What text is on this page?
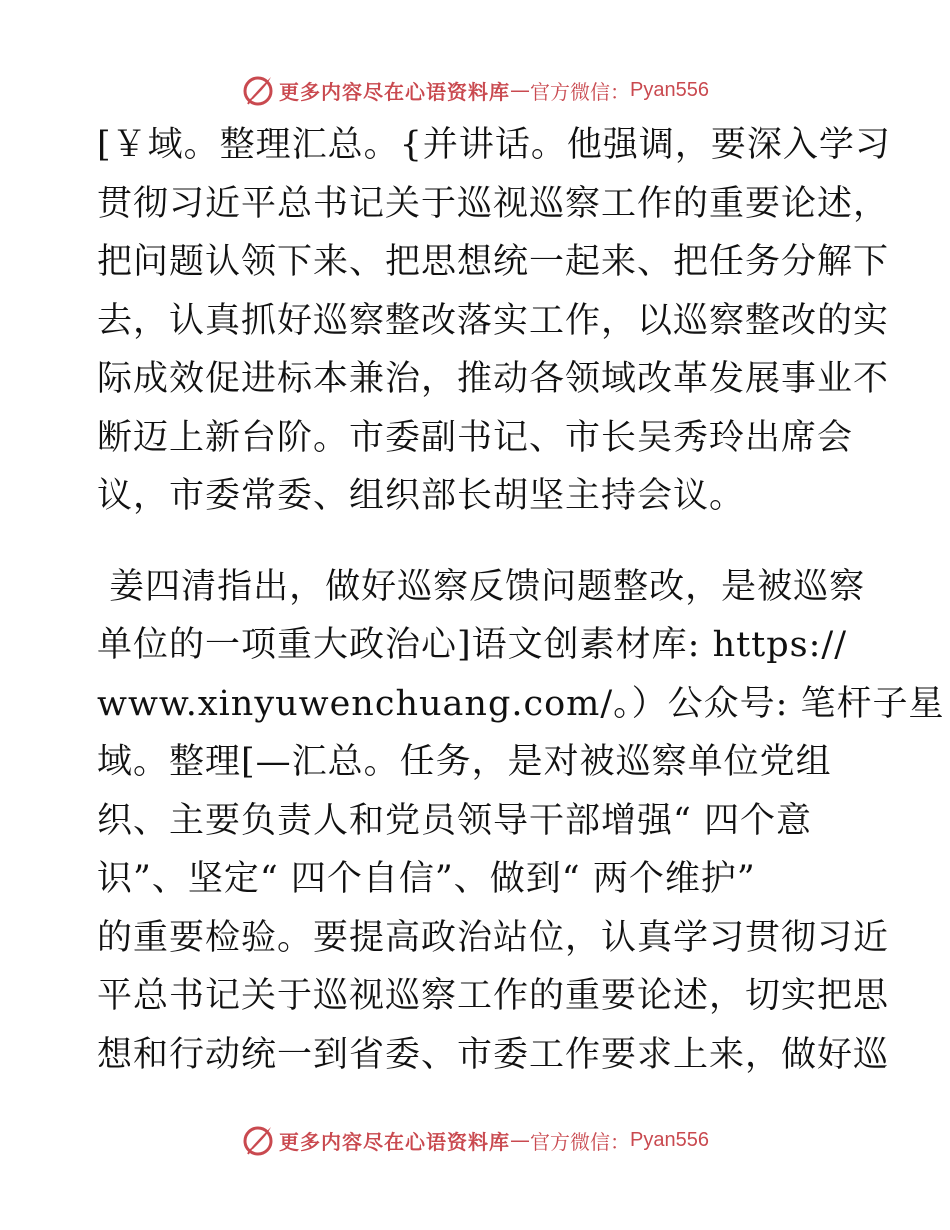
更多内容尽在心语资料库 — 官方微信： Pyan556
[￥域。整理汇总。{并讲话。他强调，要深入学习
贯彻习近平总书记关于巡视巡察工作的重要论述，
把问题认领下来、把思想统一起来、把任务分解下
去，认真抓好巡察整改落实工作，以巡察整改的实
际成效促进标本兼治，推动各领域改革发展事业不
断迈上新台阶。市委副书记、市长吴秀玲出席会
议，市委常委、组织部长胡坚主持会议。
姜四清指出，做好巡察反馈问题整改，是被巡察
单位的一项重大政治心]语文创素材库: https://
www.xinyuwenchuang.com/。）公众号: 笔杆子星
域。整理[—汇总。任务，是对被巡察单位党组
织、主要负责人和党员领导干部增强“ 四个意
识”、坚定“ 四个自信”、做到“ 两个维护”
的重要检验。要提高政治站位，认真学习贯彻习近
平总书记关于巡视巡察工作的重要论述，切实把思
想和行动统一到省委、市委工作要求上来，做好巡
更多内容尽在心语资料库 — 官方微信： Pyan556
